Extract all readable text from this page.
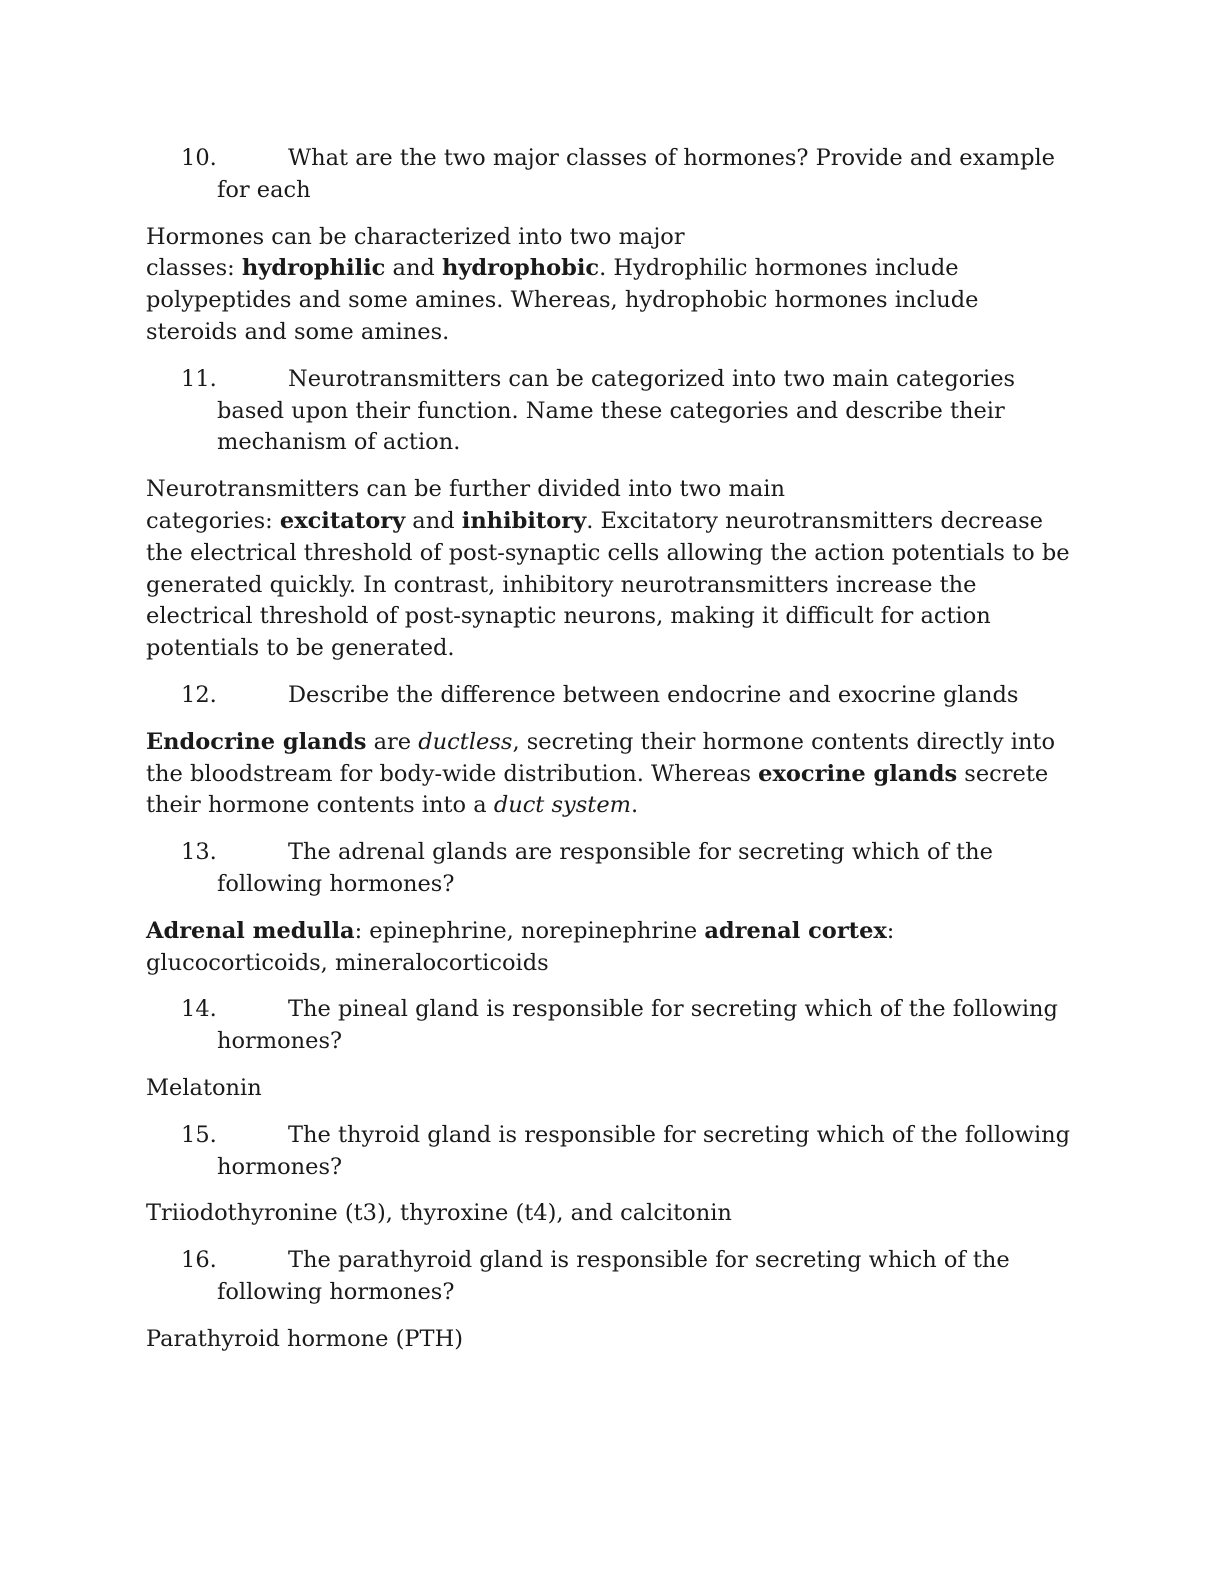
10.	What are the two major classes of hormones? Provide and example for each
Hormones can be characterized into two major
classes: hydrophilic and hydrophobic. Hydrophilic hormones include polypeptides and some amines. Whereas, hydrophobic hormones include steroids and some amines.
11.	Neurotransmitters can be categorized into two main categories based upon their function. Name these categories and describe their mechanism of action.
Neurotransmitters can be further divided into two main
categories: excitatory and inhibitory. Excitatory neurotransmitters decrease the electrical threshold of post-synaptic cells allowing the action potentials to be generated quickly. In contrast, inhibitory neurotransmitters increase the electrical threshold of post-synaptic neurons, making it difficult for action potentials to be generated.
12.	Describe the difference between endocrine and exocrine glands
Endocrine glands are ductless, secreting their hormone contents directly into the bloodstream for body-wide distribution. Whereas exocrine glands secrete their hormone contents into a duct system.
13.	The adrenal glands are responsible for secreting which of the following hormones?
Adrenal medulla: epinephrine, norepinephrine adrenal cortex: glucocorticoids, mineralocorticoids
14.	The pineal gland is responsible for secreting which of the following hormones?
Melatonin
15.	The thyroid gland is responsible for secreting which of the following hormones?
Triiodothyronine (t3), thyroxine (t4), and calcitonin
16.	The parathyroid gland is responsible for secreting which of the following hormones?
Parathyroid hormone (PTH)
